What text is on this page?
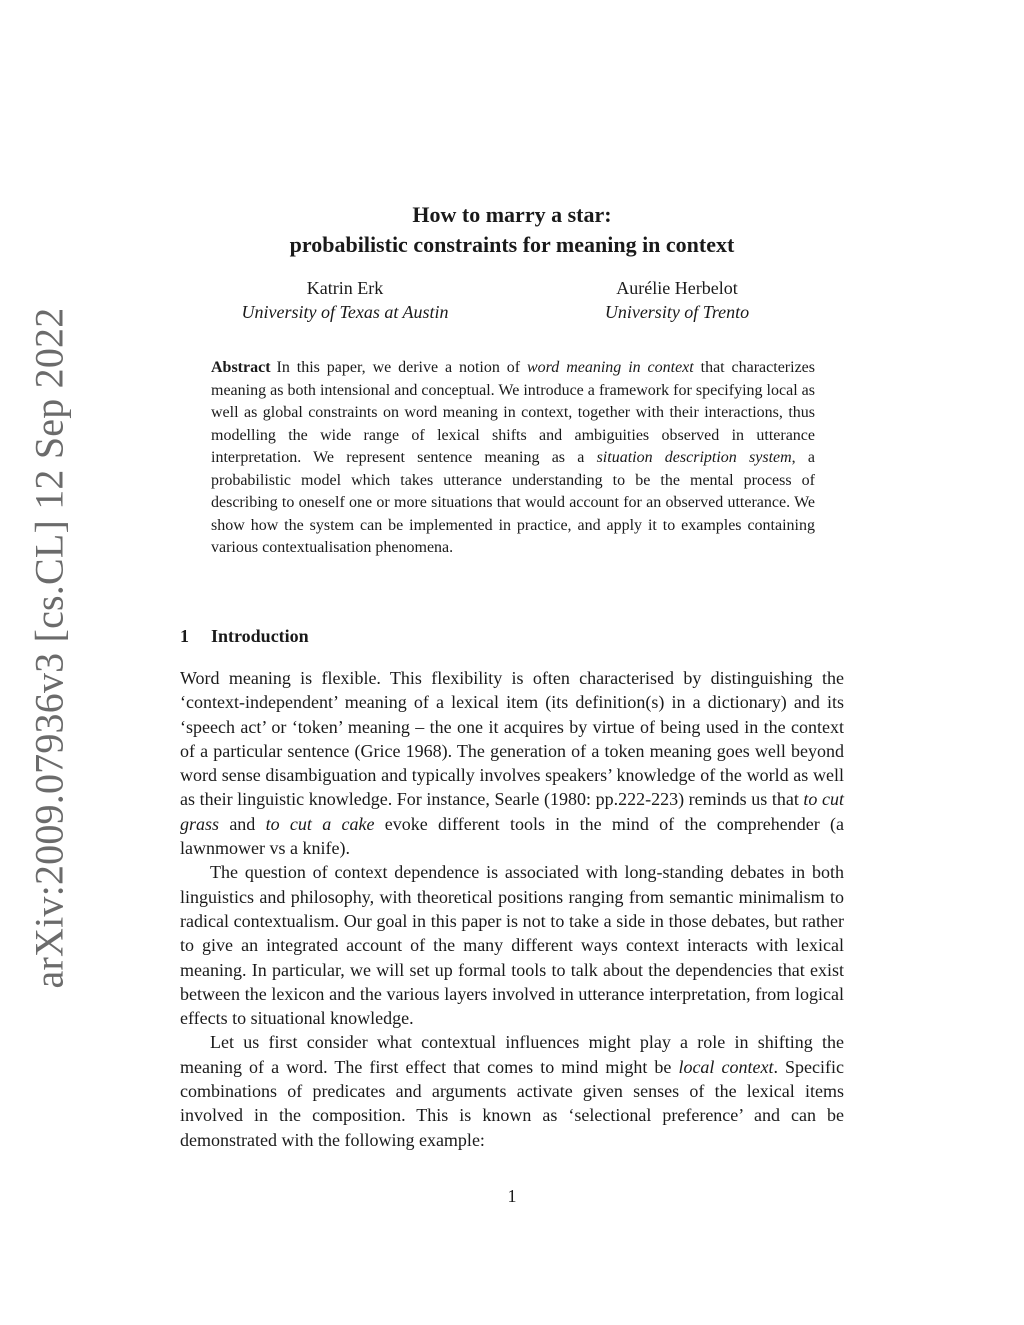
arXiv:2009.07936v3 [cs.CL] 12 Sep 2022
How to marry a star:
probabilistic constraints for meaning in context
Katrin Erk
University of Texas at Austin
Aurélie Herbelot
University of Trento
Abstract In this paper, we derive a notion of word meaning in context that characterizes meaning as both intensional and conceptual. We introduce a framework for specifying local as well as global constraints on word meaning in context, together with their interactions, thus modelling the wide range of lexical shifts and ambiguities observed in utterance interpretation. We represent sentence meaning as a situation description system, a probabilistic model which takes utterance understanding to be the mental process of describing to oneself one or more situations that would account for an observed utterance. We show how the system can be implemented in practice, and apply it to examples containing various contextualisation phenomena.
1 Introduction

Word meaning is flexible. This flexibility is often characterised by distinguishing the ‘context-independent’ meaning of a lexical item (its definition(s) in a dictionary) and its ‘speech act’ or ‘token’ meaning – the one it acquires by virtue of being used in the context of a particular sentence (Grice 1968). The generation of a token meaning goes well beyond word sense disambiguation and typically involves speakers’ knowledge of the world as well as their linguistic knowledge. For instance, Searle (1980: pp.222-223) reminds us that to cut grass and to cut a cake evoke different tools in the mind of the comprehender (a lawnmower vs a knife).

The question of context dependence is associated with long-standing debates in both linguistics and philosophy, with theoretical positions ranging from semantic minimalism to radical contextualism. Our goal in this paper is not to take a side in those debates, but rather to give an integrated account of the many different ways context interacts with lexical meaning. In particular, we will set up formal tools to talk about the dependencies that exist between the lexicon and the various layers involved in utterance interpretation, from logical effects to situational knowledge.

Let us first consider what contextual influences might play a role in shifting the meaning of a word. The first effect that comes to mind might be local context. Specific combinations of predicates and arguments activate given senses of the lexical items involved in the composition. This is known as ‘selectional preference’ and can be demonstrated with the following example:

1
